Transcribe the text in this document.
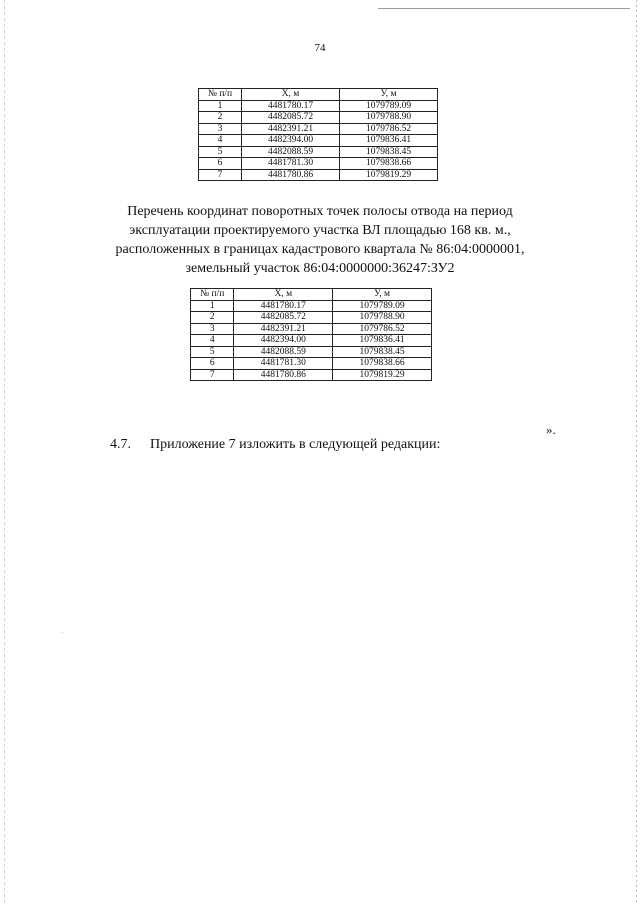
74
№ п/п	X, м	У, м
1	4481780.17	1079789.09
2	4482085.72	1079788.90
3	4482391.21	1079786.52
4	4482394.00	1079836.41
5	4482088.59	1079838.45
6	4481781.30	1079838.66
7	4481780.86	1079819.29
Перечень координат поворотных точек полосы отвода на период
эксплуатации проектируемого участка ВЛ площадью 168 кв. м.,
расположенных в границах кадастрового квартала № 86:04:0000001,
земельный участок 86:04:0000000:36247:ЗУ2
№ п/п	X, м	У, м
1	4481780.17	1079789.09
2	4482085.72	1079788.90
3	4482391.21	1079786.52
4	4482394.00	1079836.41
5	4482088.59	1079838.45
6	4481781.30	1079838.66
7	4481780.86	1079819.29
».
4.7. Приложение 7 изложить в следующей редакции:
